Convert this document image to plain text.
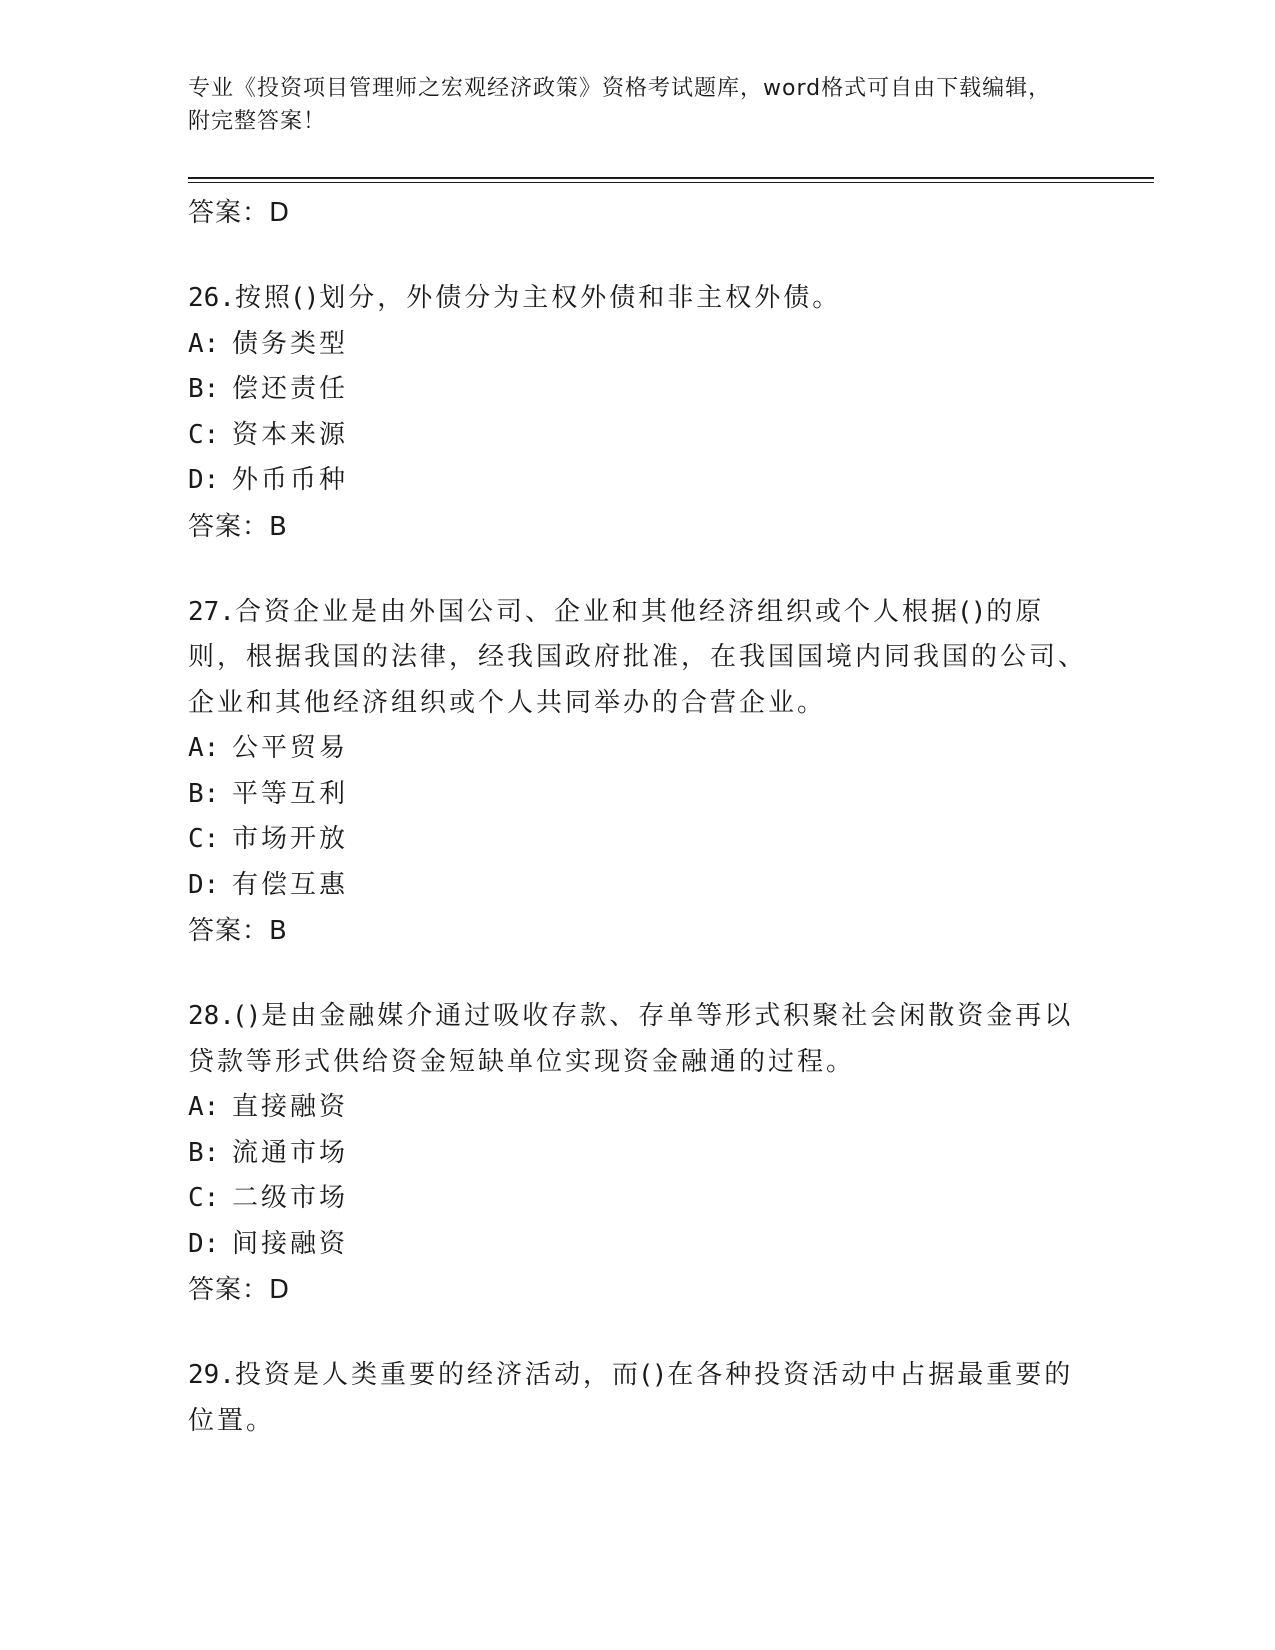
专业《投资项目管理师之宏观经济政策》资格考试题库，word格式可自由下载编辑，附完整答案！
答案：D
26.按照()划分，外债分为主权外债和非主权外债。
A: 债务类型
B: 偿还责任
C: 资本来源
D: 外币币种
答案：B
27.合资企业是由外国公司、企业和其他经济组织或个人根据()的原则，根据我国的法律，经我国政府批准，在我国国境内同我国的公司、企业和其他经济组织或个人共同举办的合营企业。
A: 公平贸易
B: 平等互利
C: 市场开放
D: 有偿互惠
答案：B
28.()是由金融媒介通过吸收存款、存单等形式积聚社会闲散资金再以贷款等形式供给资金短缺单位实现资金融通的过程。
A: 直接融资
B: 流通市场
C: 二级市场
D: 间接融资
答案：D
29.投资是人类重要的经济活动，而()在各种投资活动中占据最重要的位置。
